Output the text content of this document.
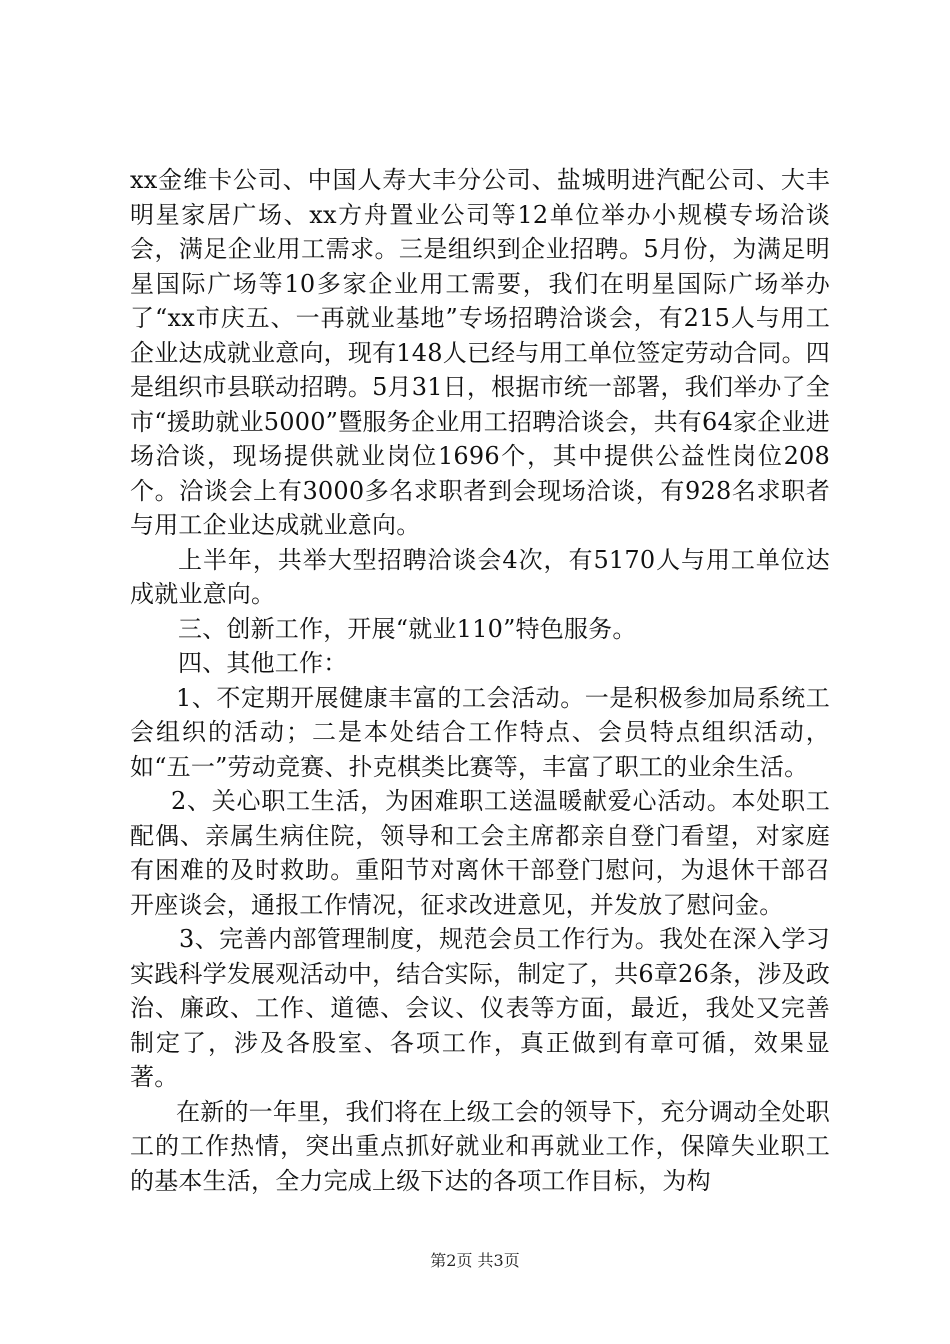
xx金维卡公司、中国人寿大丰分公司、盐城明进汽配公司、大丰明星家居广场、xx方舟置业公司等12单位举办小规模专场洽谈会，满足企业用工需求。三是组织到企业招聘。5月份，为满足明星国际广场等10多家企业用工需要，我们在明星国际广场举办了“xx市庆五、一再就业基地”专场招聘洽谈会，有215人与用工企业达成就业意向，现有148人已经与用工单位签定劳动合同。四是组织市县联动招聘。5月31日，根据市统一部署，我们举办了全市“援助就业5000”暨服务企业用工招聘洽谈会，共有64家企业进场洽谈，现场提供就业岗位1696个，其中提供公益性岗位208个。洽谈会上有3000多名求职者到会现场洽谈，有928名求职者与用工企业达成就业意向。

上半年，共举大型招聘洽谈会4次，有5170人与用工单位达成就业意向。

三、创新工作，开展“就业110”特色服务。

四、其他工作：

1、不定期开展健康丰富的工会活动。一是积极参加局系统工会组织的活动；二是本处结合工作特点、会员特点组织活动，如“五一”劳动竞赛、扑克棋类比赛等，丰富了职工的业余生活。

2、关心职工生活，为困难职工送温暖献爱心活动。本处职工配偶、亲属生病住院，领导和工会主席都亲自登门看望，对家庭有困难的及时救助。重阳节对离休干部登门慰问，为退休干部召开座谈会，通报工作情况，征求改进意见，并发放了慰问金。

3、完善内部管理制度，规范会员工作行为。我处在深入学习实践科学发展观活动中，结合实际，制定了，共6章26条，涉及政治、廉政、工作、道德、会议、仪表等方面，最近，我处又完善制定了，涉及各股室、各项工作，真正做到有章可循，效果显著。

在新的一年里，我们将在上级工会的领导下，充分调动全处职工的工作热情，突出重点抓好就业和再就业工作，保障失业职工的基本生活，全力完成上级下达的各项工作目标，为构

第2页 共3页
